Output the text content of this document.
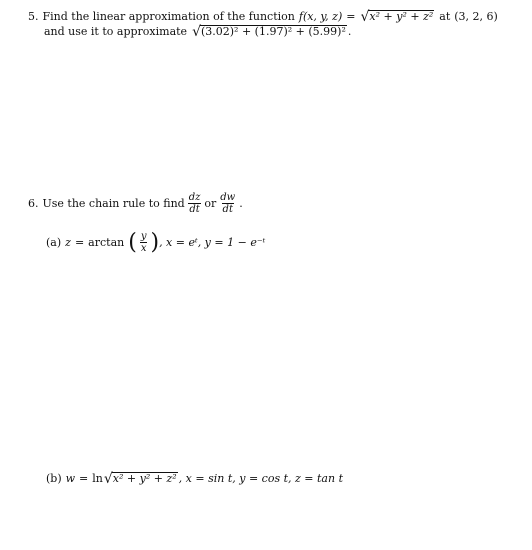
5. Find the linear approximation of the function f (x, y, z) = √ x² + y² + z² at (3, 2, 6)
and use it to approximate √ (3.02)² + (1.97)² + (5.99)² .
6. Use the chain rule to find $\frac{dz}{dt}$ or $\frac{dw}{dt}$ .
(a) z = arctan ( $\frac{y}{x}$ ) , x = eᵗ, y = 1 − e⁻ᵗ
(b) w = ln √ x² + y² + z² , x = sin t, y = cos t, z = tan t
